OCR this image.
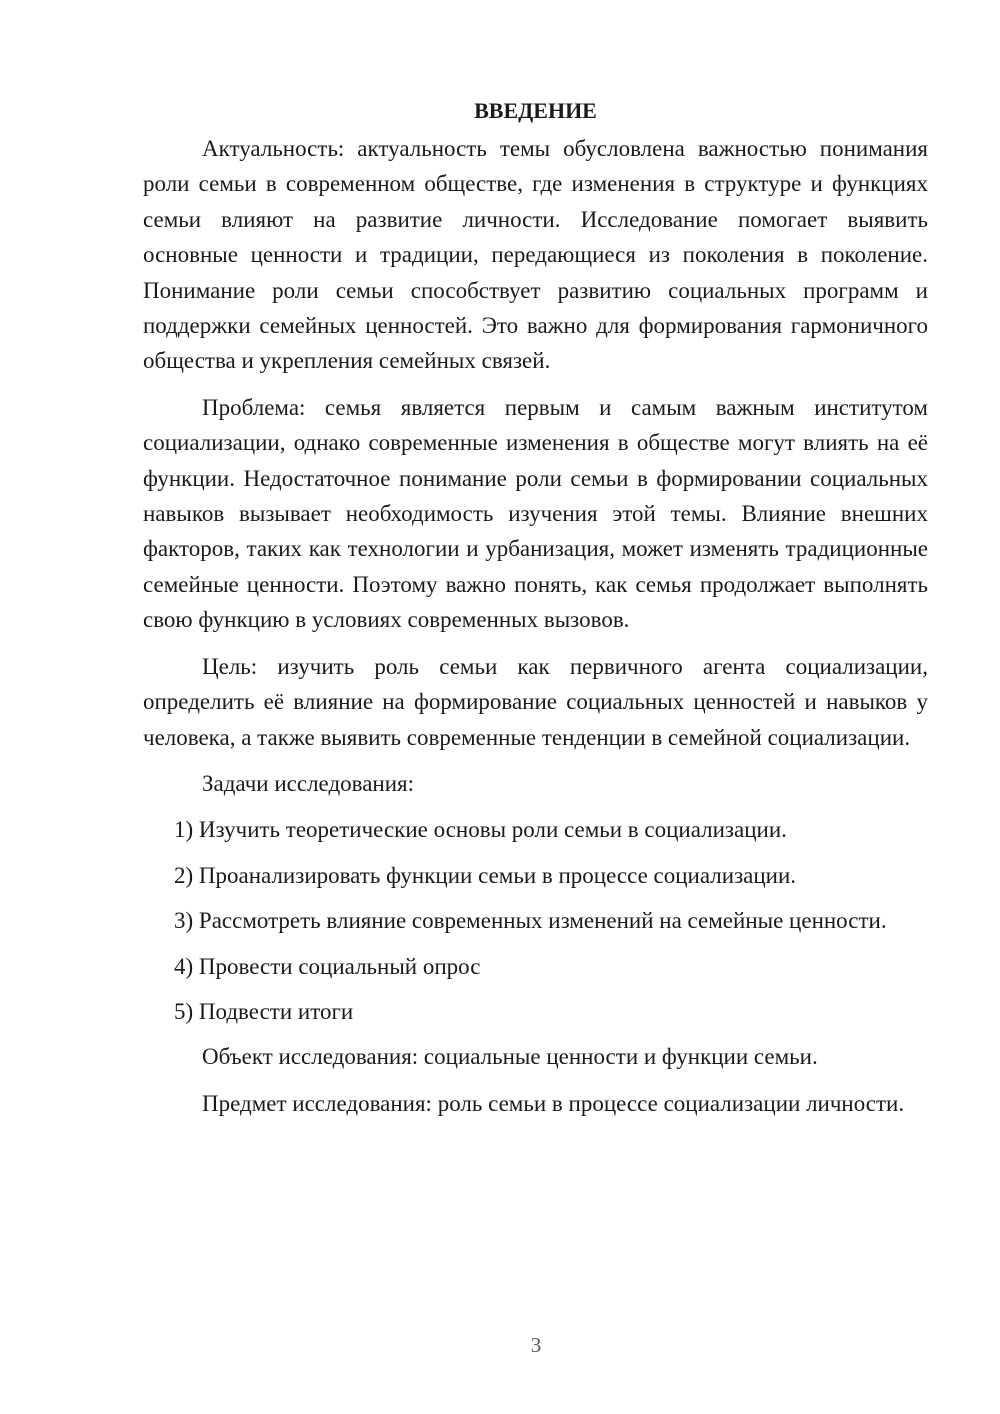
ВВЕДЕНИЕ

Актуальность: актуальность темы обусловлена важностью понимания роли семьи в современном обществе, где изменения в структуре и функциях семьи влияют на развитие личности. Исследование помогает выявить основные ценности и традиции, передающиеся из поколения в поколение. Понимание роли семьи способствует развитию социальных программ и поддержки семейных ценностей. Это важно для формирования гармоничного общества и укрепления семейных связей.

Проблема: семья является первым и самым важным институтом социализации, однако современные изменения в обществе могут влиять на её функции. Недостаточное понимание роли семьи в формировании социальных навыков вызывает необходимость изучения этой темы. Влияние внешних факторов, таких как технологии и урбанизация, может изменять традиционные семейные ценности. Поэтому важно понять, как семья продолжает выполнять свою функцию в условиях современных вызовов.

Цель: изучить роль семьи как первичного агента социализации, определить её влияние на формирование социальных ценностей и навыков у человека, а также выявить современные тенденции в семейной социализации.

Задачи исследования:

1) Изучить теоретические основы роли семьи в социализации.

2) Проанализировать функции семьи в процессе социализации.

3) Рассмотреть влияние современных изменений на семейные ценности.

4) Провести социальный опрос

5) Подвести итоги

Объект исследования: социальные ценности и функции семьи.

Предмет исследования: роль семьи в процессе социализации личности.

3
